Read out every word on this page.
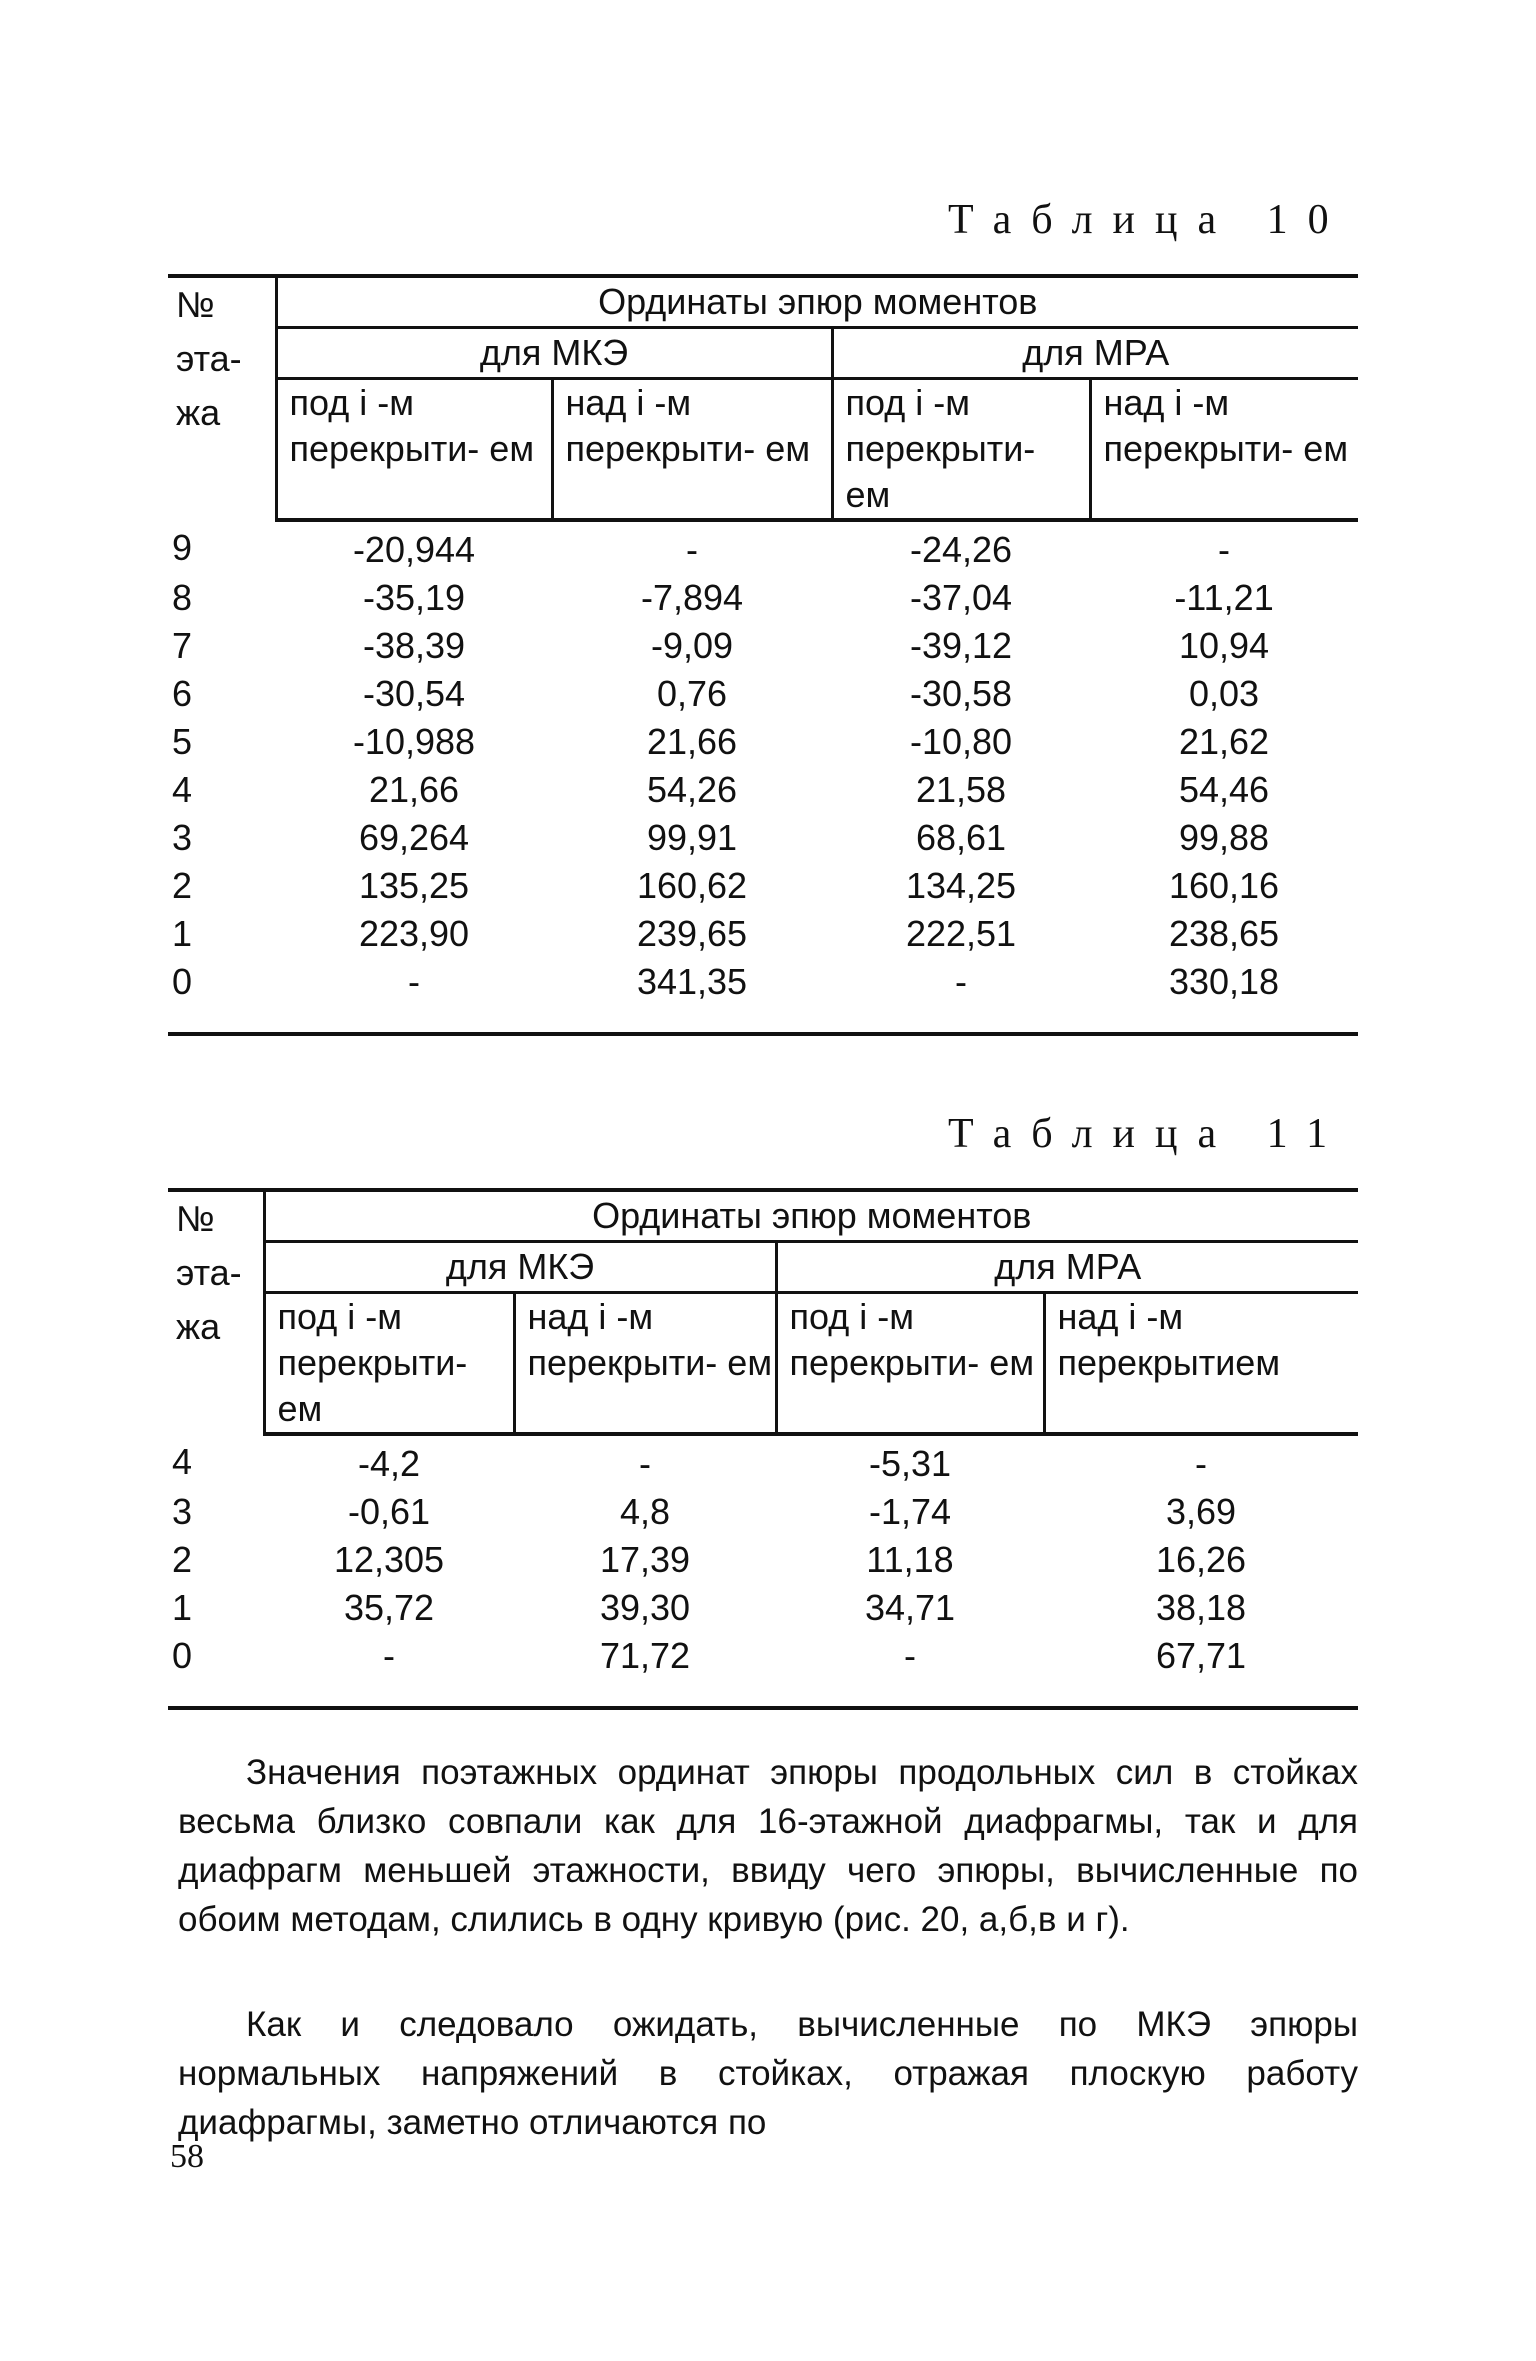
Таблица 10
№ эта- жа	Ординаты эпюр моментов			
	для МКЭ		для МРА	
	под i -м перекрыти- ем	над i -м перекрыти- ем	под i -м перекрыти- ем	над i -м перекрыти- ем
9	-20,944	-	-24,26	-
8	-35,19	-7,894	-37,04	-11,21
7	-38,39	-9,09	-39,12	10,94
6	-30,54	0,76	-30,58	0,03
5	-10,988	21,66	-10,80	21,62
4	21,66	54,26	21,58	54,46
3	69,264	99,91	68,61	99,88
2	135,25	160,62	134,25	160,16
1	223,90	239,65	222,51	238,65
0	-	341,35	-	330,18
Таблица 11
№ эта- жа	Ординаты эпюр моментов			
	для МКЭ		для МРА	
	под i -м перекрыти- ем	над i -м перекрыти- ем	под i -м перекрыти- ем	над i -м перекрытием
4	-4,2	-	-5,31	-
3	-0,61	4,8	-1,74	3,69
2	12,305	17,39	11,18	16,26
1	35,72	39,30	34,71	38,18
0	-	71,72	-	67,71

Значения поэтажных ординат эпюры продольных сил в стойках весьма близко совпали как для 16-этажной диафрагмы, так и для диафрагм меньшей этажности, ввиду чего эпюры, вычисленные по обоим методам, слились в одну кривую (рис. 20, а,б,в и г).

Как и следовало ожидать, вычисленные по МКЭ эпюры нормальных напряжений в стойках, отражая плоскую работу диафрагмы, заметно отличаются по

58
